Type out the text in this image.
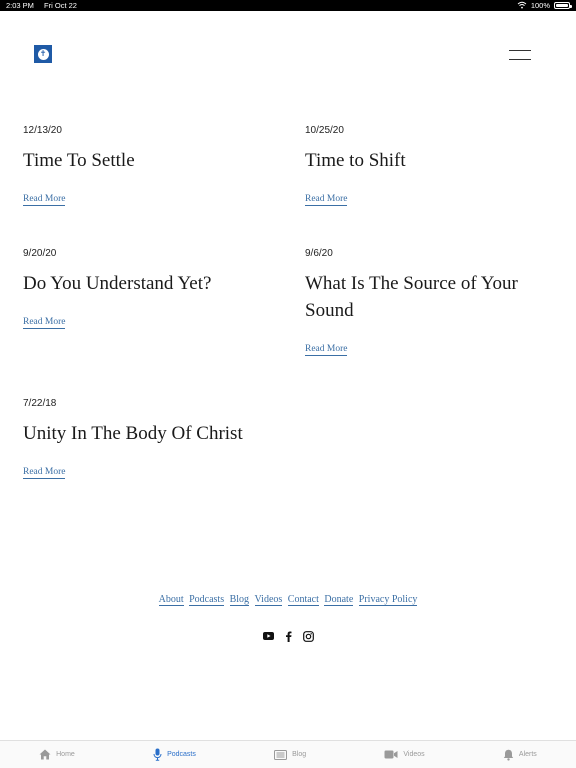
2:03 PM Fri Oct 22	100%
✝
12/13/20
Time To Settle
Read More
10/25/20
Time to Shift
Read More
9/20/20
Do You Understand Yet?
Read More
9/6/20
What Is The Source of Your Sound
Read More
7/22/18
Unity In The Body Of Christ
Read More
About Podcasts Blog Videos Contact Donate Privacy Policy
Home	Podcasts	Blog	Videos	Alerts
